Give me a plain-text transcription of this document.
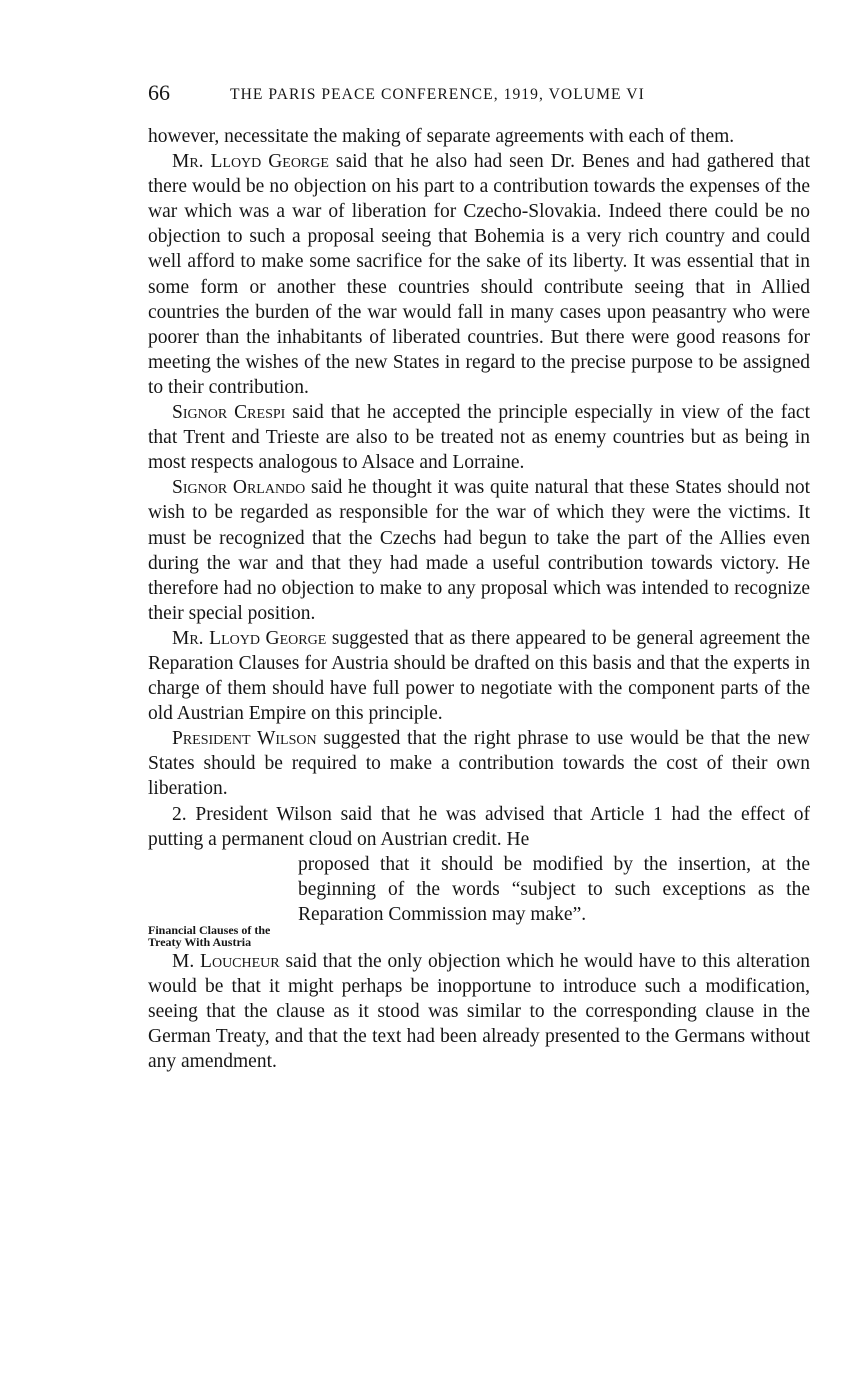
66	THE PARIS PEACE CONFERENCE, 1919, VOLUME VI

however, necessitate the making of separate agreements with each of them.

Mr. Lloyd George said that he also had seen Dr. Benes and had gathered that there would be no objection on his part to a contribution towards the expenses of the war which was a war of liberation for Czecho-Slovakia. Indeed there could be no objection to such a proposal seeing that Bohemia is a very rich country and could well afford to make some sacrifice for the sake of its liberty. It was essential that in some form or another these countries should contribute seeing that in Allied countries the burden of the war would fall in many cases upon peasantry who were poorer than the inhabitants of liberated countries. But there were good reasons for meeting the wishes of the new States in regard to the precise purpose to be assigned to their contribution.

Signor Crespi said that he accepted the principle especially in view of the fact that Trent and Trieste are also to be treated not as enemy countries but as being in most respects analogous to Alsace and Lorraine.

Signor Orlando said he thought it was quite natural that these States should not wish to be regarded as responsible for the war of which they were the victims. It must be recognized that the Czechs had begun to take the part of the Allies even during the war and that they had made a useful contribution towards victory. He therefore had no objection to make to any proposal which was intended to recognize their special position.

Mr. Lloyd George suggested that as there appeared to be general agreement the Reparation Clauses for Austria should be drafted on this basis and that the experts in charge of them should have full power to negotiate with the component parts of the old Austrian Empire on this principle.

President Wilson suggested that the right phrase to use would be that the new States should be required to make a contribution towards the cost of their own liberation.

2. President Wilson said that he was advised that Article 1 had the effect of putting a permanent cloud on Austrian credit. He

Financial Clauses of the Treaty With Austria

proposed that it should be modified by the insertion, at the beginning of the words “subject to such exceptions as the Reparation Commission may make”.

M. Loucheur said that the only objection which he would have to this alteration would be that it might perhaps be inopportune to introduce such a modification, seeing that the clause as it stood was similar to the corresponding clause in the German Treaty, and that the text had been already presented to the Germans without any amendment.
